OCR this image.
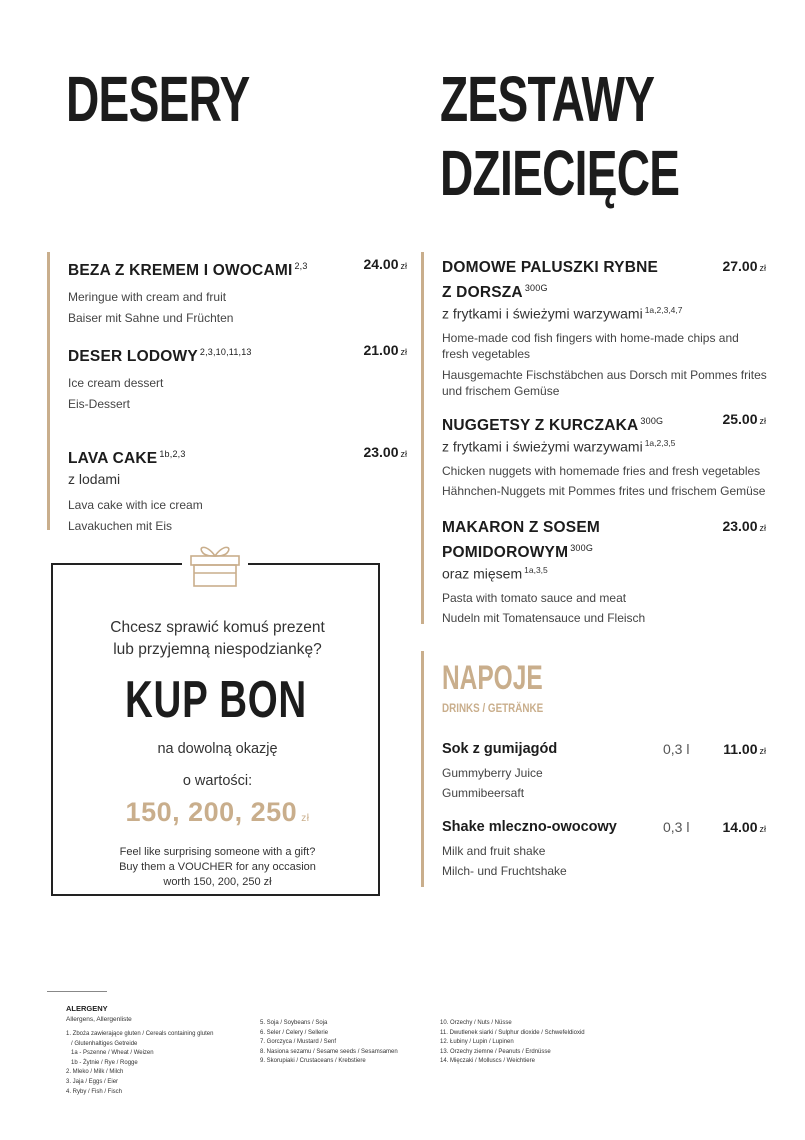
DESERY	ZESTAWY
DZIECIĘCE
BEZA Z KREMEM I OWOCAMI $^{2,3}$	24.00 zł
Meringue with cream and fruit
Baiser mit Sahne und Früchten
DESER LODOWY $^{2,3,10,11,13}$	21.00 zł
Ice cream dessert
Eis-Dessert
LAVA CAKE $^{1b,2,3}$	23.00 zł
z lodami
Lava cake with ice cream
Lavakuchen mit Eis
Chcesz sprawić komuś prezent
lub przyjemną niespodziankę?
KUP BON
na dowolną okazję
o wartości:
150, 200, 250 zł
Feel like surprising someone with a gift?
Buy them a VOUCHER for any occasion
worth 150, 200, 250 zł
DOMOWE PALUSZKI RYBNE
Z DORSZA $^{300G}$
27.00 zł
z frytkami i świeżymi warzywami $^{1a,2,3,4,7}$
Home-made cod fish fingers with home-made chips and fresh vegetables
Hausgemachte Fischstäbchen aus Dorsch mit Pommes frites und frischem Gemüse
NUGGETSY Z KURCZAKA $^{300G}$	25.00 zł
z frytkami i świeżymi warzywami $^{1a,2,3,5}$
Chicken nuggets with homemade fries and fresh vegetables
Hähnchen-Nuggets mit Pommes frites und frischem Gemüse
MAKARON Z SOSEM
POMIDOROWYM $^{300G}$
23.00 zł
oraz mięsem $^{1a,3,5}$
Pasta with tomato sauce and meat
Nudeln mit Tomatensauce und Fleisch
NAPOJE
DRINKS / GETRÄNKE
Sok z gumijagód	0,3 l 11.00 zł
Gummyberry Juice
Gummibeersaft
Shake mleczno-owocowy	0,3 l 14.00 zł
Milk and fruit shake
Milch- und Fruchtshake
ALERGENY
Allergens, Allergenliste
1. Zboża zawierające gluten / Cereals containing gluten
/ Glutenhaltiges Getreide
1a - Pszenne / Wheat / Weizen
1b - Żytnie / Rye / Rogge
2. Mleko / Milk / Milch
3. Jaja / Eggs / Eier
4. Ryby / Fish / Fisch
5. Soja / Soybeans / Soja
6. Seler / Celery / Sellerie
7. Gorczyca / Mustard / Senf
8. Nasiona sezamu / Sesame seeds / Sesamsamen
9. Skorupiaki / Crustaceans / Krebstiere
10. Orzechy / Nuts / Nüsse
11. Dwutlenek siarki / Sulphur dioxide / Schwefeldioxid
12. Łubiny / Lupin / Lupinen
13. Orzechy ziemne / Peanuts / Erdnüsse
14. Mięczaki / Molluscs / Weichtiere
